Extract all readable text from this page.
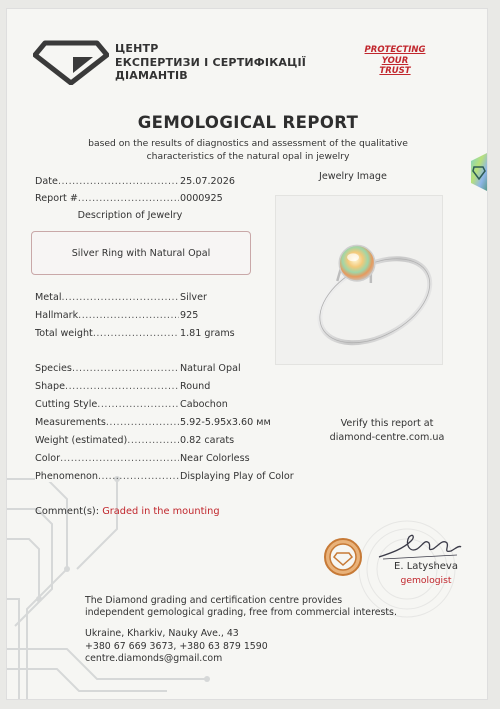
ЦЕНТР
ЕКСПЕРТИЗИ І СЕРТИФІКАЦІЇ
ДІАМАНТІВ
PROTECTING
YOUR
TRUST
GEMOLOGICAL REPORT
based on the results of diagnostics and assessment of the qualitative
characteristics of the natural opal in jewelry
Date .....	25.07.2026
Report # .....	0000925
Description of Jewelry
Silver Ring with Natural Opal
Metal .....	Silver
Hallmark .....	925
Total weight .....	1.81 grams
Species .....	Natural Opal
Shape .....	Round
Cutting Style .....	Cabochon
Measurements .....	5.92-5.95x3.60 мм
Weight (estimated) .....	0.82 carats
Color .....	Near Colorless
Phenomenon .....	Displaying Play of Color
Jewelry Image
Verify this report at
diamond-centre.com.ua
Comment(s): Graded in the mounting
E. Latysheva
gemologist
The Diamond grading and certification centre provides
independent gemological grading, free from commercial interests.
Ukraine, Kharkiv, Nauky Ave., 43
+380 67 669 3673, +380 63 879 1590
centre.diamonds@gmail.com
